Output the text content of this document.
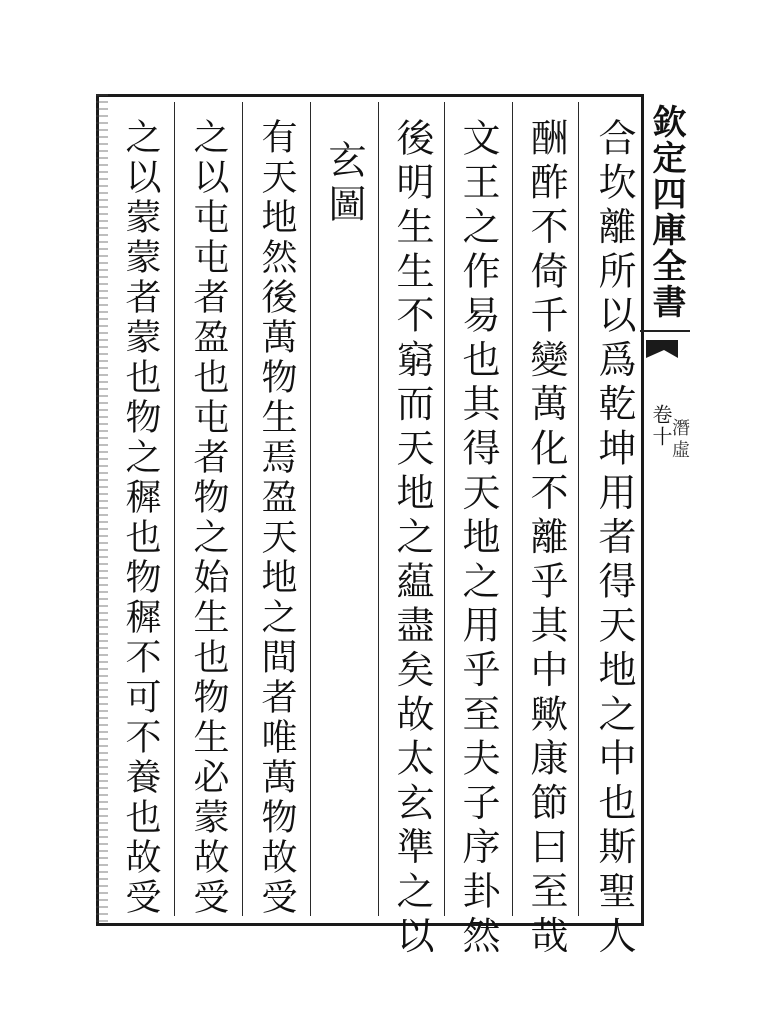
合坎離所以爲乾坤用者得天地之中也斯聖人
酬酢不倚千變萬化不離乎其中歟康節曰至哉
文王之作易也其得天地之用乎至夫子序卦然
後明生生不窮而天地之藴盡矣故太玄準之以
玄圖
有天地然後萬物生焉盈天地之間者唯萬物故受
之以屯屯者盈也屯者物之始生也物生必蒙故受
之以蒙蒙者蒙也物之穉也物穉不可不養也故受	欽定四庫全書
卷十
潛虛
